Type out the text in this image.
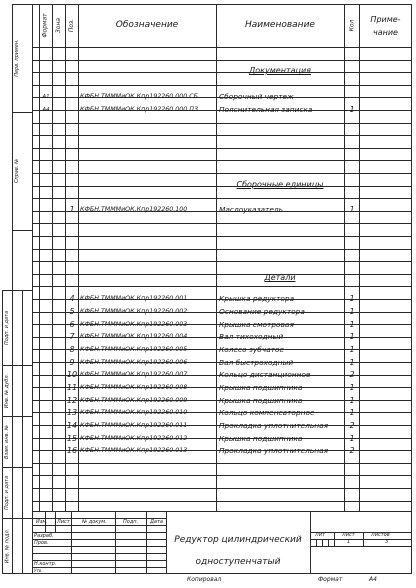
Формат Зона Поз.	Обозначение	Наименование	Кол
Приме-
чание
Документация
Сборочные единицы
Детали
А1	КФБН.ТМММиОК.Кпр192260.000 СБ	Сборочный чертеж
А4	КФБН.ТМММиОК.Кпр192260.000 ПЗ	Пояснительная записка	1
1 КФБН.ТМММиОК.Кпр192260.100	Маслоуказатель	1
4 КФБН.ТМММиОК.Кпр192260.001	Крышка редуктора	1
5 КФБН.ТМММиОК.Кпр192260.002	Основание редуктора	1
6 КФБН.ТМММиОК.Кпр192260.003	Крышка смотровая	1
7 КФБН.ТМММиОК.Кпр192260.004	Вал тихоходный	1
8 КФБН.ТМММиОК.Кпр192260.005	Колесо зубчатое	1
9 КФБН.ТМММиОК.Кпр192260.006	Вал быстроходный	1
10 КФБН.ТМММиОК.Кпр192260.007	Кольцо дистанционное	2
11 КФБН.ТМММиОК.Кпр192260.008	Крышка подшипника	1
12 КФБН.ТМММиОК.Кпр192260.009	Крышка подшипника	1
13 КФБН.ТМММиОК.Кпр192260.010	Кольцо компенсаторное	1
14 КФБН.ТМММиОК.Кпр192260.011	Прокладка уплотнительная	2
15 КФБН.ТМММиОК.Кпр192260.012	Крышка подшипника	1
16 КФБН.ТМММиОК.Кпр192260.013	Прокладка уплотнительная	2
Перв. примен.
Справ. №
Подп. и дата
Инв. № дубл.
Взам. инв. №
Подп. и дата
Инв. № подл.
Изм. Лист № докум.	Подп. Дата
Разраб.
Пров.
Н.контр.
Утв.
Редуктор цилиндрический
одноступенчатый
Лит	Лист	Листов
1	3
Копировал	Формат	А4
